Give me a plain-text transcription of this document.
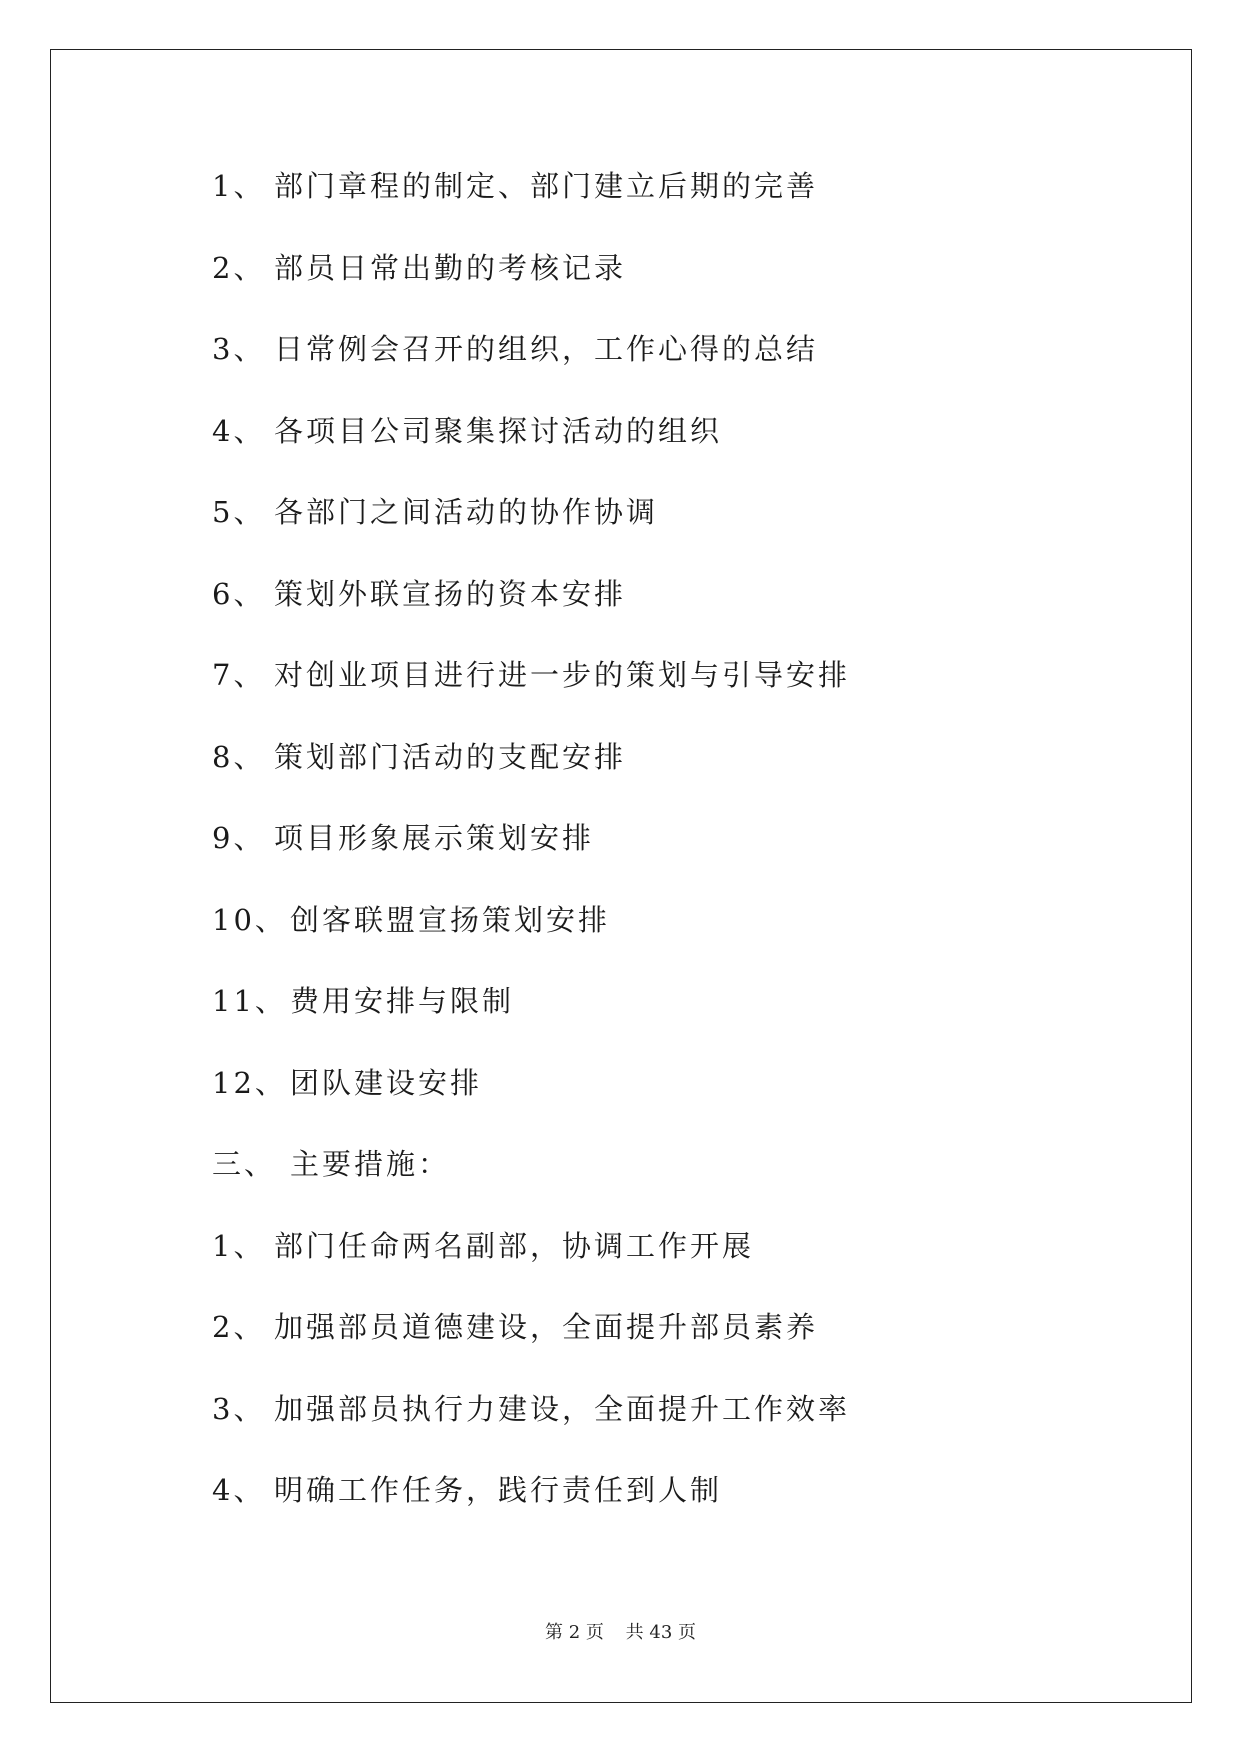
1、 部门章程的制定、部门建立后期的完善
2、 部员日常出勤的考核记录
3、 日常例会召开的组织，工作心得的总结
4、 各项目公司聚集探讨活动的组织
5、 各部门之间活动的协作协调
6、 策划外联宣扬的资本安排
7、 对创业项目进行进一步的策划与引导安排
8、 策划部门活动的支配安排
9、 项目形象展示策划安排
10、 创客联盟宣扬策划安排
11、 费用安排与限制
12、 团队建设安排
三、 主要措施：
1、 部门任命两名副部，协调工作开展
2、 加强部员道德建设，全面提升部员素养
3、 加强部员执行力建设，全面提升工作效率
4、 明确工作任务，践行责任到人制
第 2 页 共 43 页
